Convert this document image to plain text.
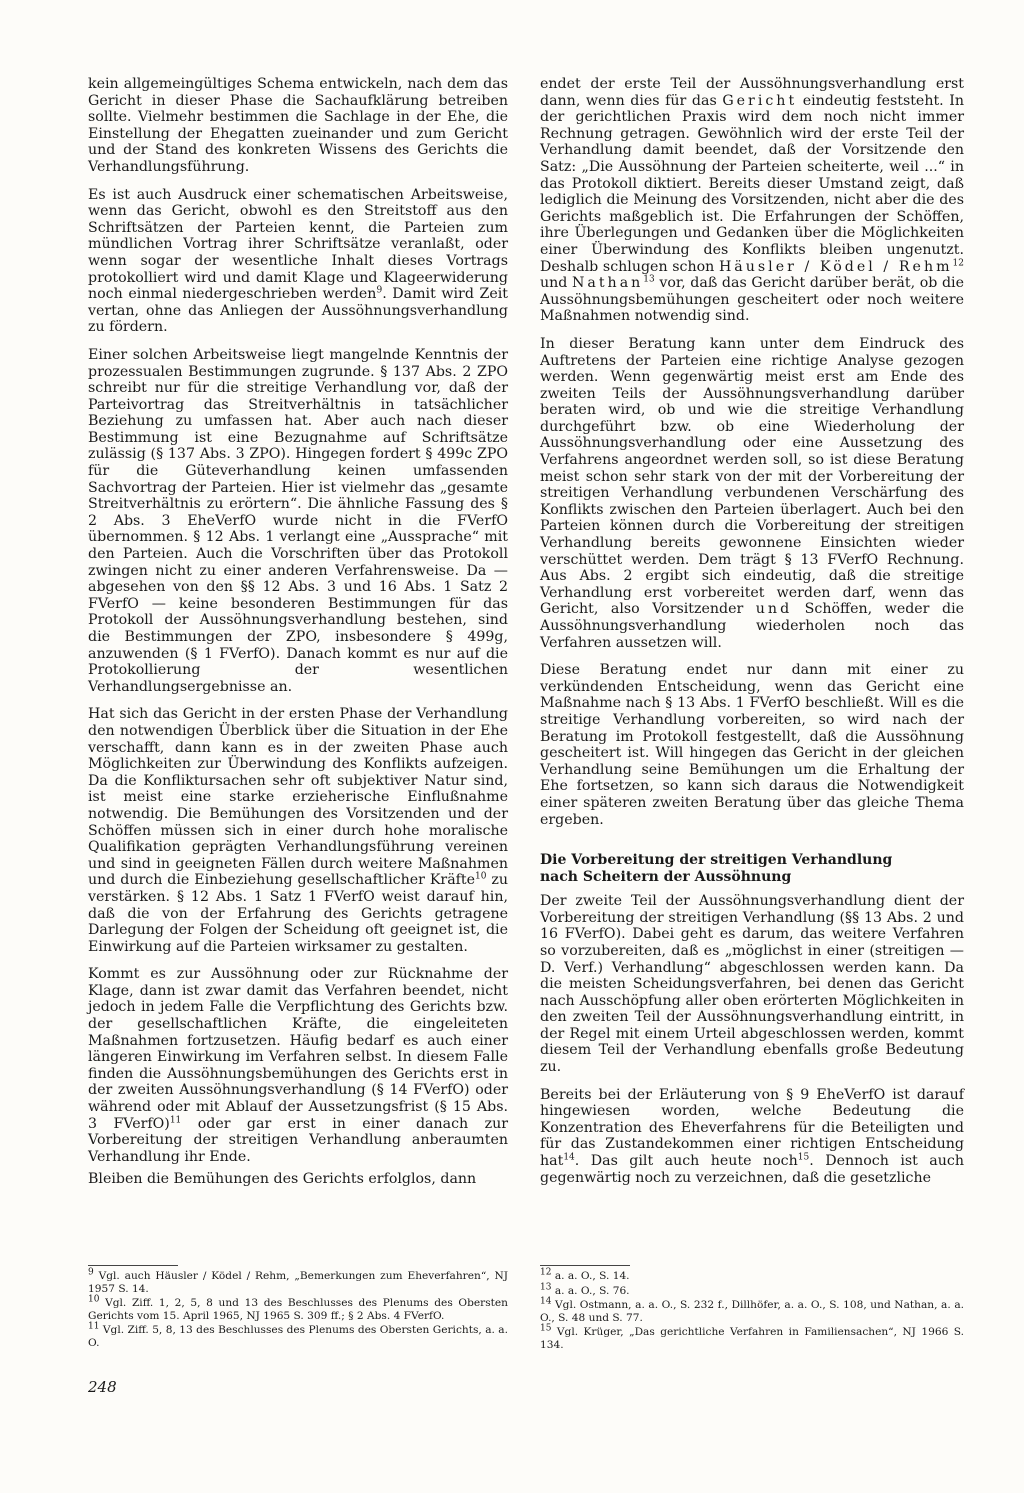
kein allgemeingültiges Schema entwickeln, nach dem das Gericht in dieser Phase die Sachaufklärung betreiben sollte. Vielmehr bestimmen die Sachlage in der Ehe, die Einstellung der Ehegatten zueinander und zum Gericht und der Stand des konkreten Wissens des Gerichts die Verhandlungsführung.

Es ist auch Ausdruck einer schematischen Arbeitsweise, wenn das Gericht, obwohl es den Streitstoff aus den Schriftsätzen der Parteien kennt, die Parteien zum mündlichen Vortrag ihrer Schriftsätze veranlaßt, oder wenn sogar der wesentliche Inhalt dieses Vortrags protokolliert wird und damit Klage und Klageerwiderung noch einmal niedergeschrieben werden$^9$. Damit wird Zeit vertan, ohne das Anliegen der Aussöhnungsverhandlung zu fördern.

Einer solchen Arbeitsweise liegt mangelnde Kenntnis der prozessualen Bestimmungen zugrunde. § 137 Abs. 2 ZPO schreibt nur für die streitige Verhandlung vor, daß der Parteivortrag das Streitverhältnis in tatsächlicher Beziehung zu umfassen hat. Aber auch nach dieser Bestimmung ist eine Bezugnahme auf Schriftsätze zulässig (§ 137 Abs. 3 ZPO). Hingegen fordert § 499c ZPO für die Güteverhandlung keinen umfassenden Sachvortrag der Parteien. Hier ist vielmehr das „gesamte Streitverhältnis zu erörtern“. Die ähnliche Fassung des § 2 Abs. 3 EheVerfO wurde nicht in die FVerfO übernommen. § 12 Abs. 1 verlangt eine „Aussprache“ mit den Parteien. Auch die Vorschriften über das Protokoll zwingen nicht zu einer anderen Verfahrensweise. Da — abgesehen von den §§ 12 Abs. 3 und 16 Abs. 1 Satz 2 FVerfO — keine besonderen Bestimmungen für das Protokoll der Aussöhnungsverhandlung bestehen, sind die Bestimmungen der ZPO, insbesondere § 499g, anzuwenden (§ 1 FVerfO). Danach kommt es nur auf die Protokollierung der wesentlichen Verhandlungsergebnisse an.

Hat sich das Gericht in der ersten Phase der Verhandlung den notwendigen Überblick über die Situation in der Ehe verschafft, dann kann es in der zweiten Phase auch Möglichkeiten zur Überwindung des Konflikts aufzeigen. Da die Konfliktursachen sehr oft subjektiver Natur sind, ist meist eine starke erzieherische Einflußnahme notwendig. Die Bemühungen des Vorsitzenden und der Schöffen müssen sich in einer durch hohe moralische Qualifikation geprägten Verhandlungsführung vereinen und sind in geeigneten Fällen durch weitere Maßnahmen und durch die Einbeziehung gesellschaftlicher Kräfte$^{10}$ zu verstärken. § 12 Abs. 1 Satz 1 FVerfO weist darauf hin, daß die von der Erfahrung des Gerichts getragene Darlegung der Folgen der Scheidung oft geeignet ist, die Einwirkung auf die Parteien wirksamer zu gestalten.

Kommt es zur Aussöhnung oder zur Rücknahme der Klage, dann ist zwar damit das Verfahren beendet, nicht jedoch in jedem Falle die Verpflichtung des Gerichts bzw. der gesellschaftlichen Kräfte, die eingeleiteten Maßnahmen fortzusetzen. Häufig bedarf es auch einer längeren Einwirkung im Verfahren selbst. In diesem Falle finden die Aussöhnungsbemühungen des Gerichts erst in der zweiten Aussöhnungsverhandlung (§ 14 FVerfO) oder während oder mit Ablauf der Aussetzungsfrist (§ 15 Abs. 3 FVerfO)$^{11}$ oder gar erst in einer danach zur Vorbereitung der streitigen Verhandlung anberaumten Verhandlung ihr Ende.

Bleiben die Bemühungen des Gerichts erfolglos, dann

endet der erste Teil der Aussöhnungsverhandlung erst dann, wenn dies für das Gericht eindeutig feststeht. In der gerichtlichen Praxis wird dem noch nicht immer Rechnung getragen. Gewöhnlich wird der erste Teil der Verhandlung damit beendet, daß der Vorsitzende den Satz: „Die Aussöhnung der Parteien scheiterte, weil ...“ in das Protokoll diktiert. Bereits dieser Umstand zeigt, daß lediglich die Meinung des Vorsitzenden, nicht aber die des Gerichts maßgeblich ist. Die Erfahrungen der Schöffen, ihre Überlegungen und Gedanken über die Möglichkeiten einer Überwindung des Konflikts bleiben ungenutzt. Deshalb schlugen schon Häusler / Ködel / Rehm$^{12}$ und Nathan$^{13}$ vor, daß das Gericht darüber berät, ob die Aussöhnungsbemühungen gescheitert oder noch weitere Maßnahmen notwendig sind.

In dieser Beratung kann unter dem Eindruck des Auftretens der Parteien eine richtige Analyse gezogen werden. Wenn gegenwärtig meist erst am Ende des zweiten Teils der Aussöhnungsverhandlung darüber beraten wird, ob und wie die streitige Verhandlung durchgeführt bzw. ob eine Wiederholung der Aussöhnungsverhandlung oder eine Aussetzung des Verfahrens angeordnet werden soll, so ist diese Beratung meist schon sehr stark von der mit der Vorbereitung der streitigen Verhandlung verbundenen Verschärfung des Konflikts zwischen den Parteien überlagert. Auch bei den Parteien können durch die Vorbereitung der streitigen Verhandlung bereits gewonnene Einsichten wieder verschüttet werden. Dem trägt § 13 FVerfO Rechnung. Aus Abs. 2 ergibt sich eindeutig, daß die streitige Verhandlung erst vorbereitet werden darf, wenn das Gericht, also Vorsitzender und Schöffen, weder die Aussöhnungsverhandlung wiederholen noch das Verfahren aussetzen will.

Diese Beratung endet nur dann mit einer zu verkündenden Entscheidung, wenn das Gericht eine Maßnahme nach § 13 Abs. 1 FVerfO beschließt. Will es die streitige Verhandlung vorbereiten, so wird nach der Beratung im Protokoll festgestellt, daß die Aussöhnung gescheitert ist. Will hingegen das Gericht in der gleichen Verhandlung seine Bemühungen um die Erhaltung der Ehe fortsetzen, so kann sich daraus die Notwendigkeit einer späteren zweiten Beratung über das gleiche Thema ergeben.

Die Vorbereitung der streitigen Verhandlung
nach Scheitern der Aussöhnung

Der zweite Teil der Aussöhnungsverhandlung dient der Vorbereitung der streitigen Verhandlung (§§ 13 Abs. 2 und 16 FVerfO). Dabei geht es darum, das weitere Verfahren so vorzubereiten, daß es „möglichst in einer (streitigen — D. Verf.) Verhandlung“ abgeschlossen werden kann. Da die meisten Scheidungsverfahren, bei denen das Gericht nach Ausschöpfung aller oben erörterten Möglichkeiten in den zweiten Teil der Aussöhnungsverhandlung eintritt, in der Regel mit einem Urteil abgeschlossen werden, kommt diesem Teil der Verhandlung ebenfalls große Bedeutung zu.

Bereits bei der Erläuterung von § 9 EheVerfO ist darauf hingewiesen worden, welche Bedeutung die Konzentration des Eheverfahrens für die Beteiligten und für das Zustandekommen einer richtigen Entscheidung hat$^{14}$. Das gilt auch heute noch$^{15}$. Dennoch ist auch gegenwärtig noch zu verzeichnen, daß die gesetzliche

$^9$ Vgl. auch Häusler / Ködel / Rehm, „Bemerkungen zum Eheverfahren“, NJ 1957 S. 14.

$^{10}$ Vgl. Ziff. 1, 2, 5, 8 und 13 des Beschlusses des Plenums des Obersten Gerichts vom 15. April 1965, NJ 1965 S. 309 ff.; § 2 Abs. 4 FVerfO.

$^{11}$ Vgl. Ziff. 5, 8, 13 des Beschlusses des Plenums des Obersten Gerichts, a. a. O.

$^{12}$ a. a. O., S. 14.

$^{13}$ a. a. O., S. 76.

$^{14}$ Vgl. Ostmann, a. a. O., S. 232 f., Dillhöfer, a. a. O., S. 108, und Nathan, a. a. O., S. 48 und S. 77.

$^{15}$ Vgl. Krüger, „Das gerichtliche Verfahren in Familiensachen“, NJ 1966 S. 134.

248
